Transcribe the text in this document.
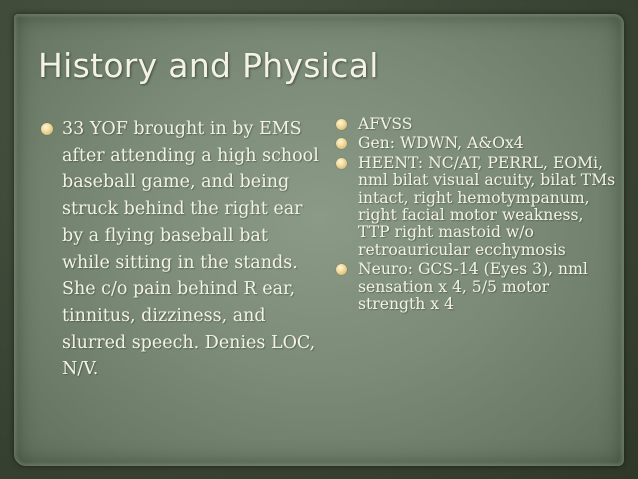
History and Physical
33 YOF brought in by EMS after attending a high school baseball game, and being struck behind the right ear by a flying baseball bat while sitting in the stands. She c/o pain behind R ear, tinnitus, dizziness, and slurred speech. Denies LOC, N/V.
AFVSS
Gen: WDWN, A&Ox4
HEENT: NC/AT, PERRL, EOMi, nml bilat visual acuity, bilat TMs intact, right hemotympanum, right facial motor weakness, TTP right mastoid w/o retroauricular ecchymosis
Neuro: GCS-14 (Eyes 3), nml sensation x 4, 5/5 motor strength x 4
